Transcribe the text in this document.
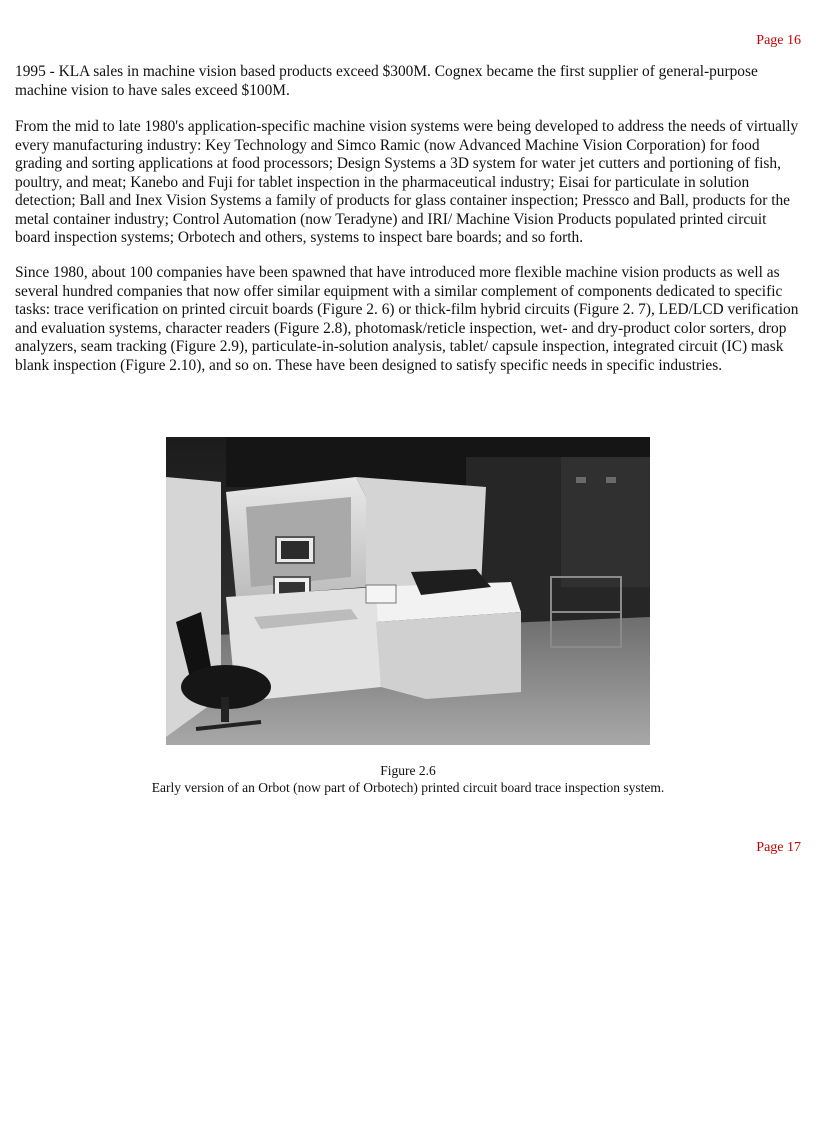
Page 16

1995 - KLA sales in machine vision based products exceed $300M. Cognex became the first supplier of general-purpose machine vision to have sales exceed $100M.

From the mid to late 1980's application-specific machine vision systems were being developed to address the needs of virtually every manufacturing industry: Key Technology and Simco Ramic (now Advanced Machine Vision Corporation) for food grading and sorting applications at food processors; Design Systems a 3D system for water jet cutters and portioning of fish, poultry, and meat; Kanebo and Fuji for tablet inspection in the pharmaceutical industry; Eisai for particulate in solution detection; Ball and Inex Vision Systems a family of products for glass container inspection; Pressco and Ball, products for the metal container industry; Control Automation (now Teradyne) and IRI/ Machine Vision Products populated printed circuit board inspection systems; Orbotech and others, systems to inspect bare boards; and so forth.

Since 1980, about 100 companies have been spawned that have introduced more flexible machine vision products as well as several hundred companies that now offer similar equipment with a similar complement of components dedicated to specific tasks: trace verification on printed circuit boards (Figure 2. 6) or thick-film hybrid circuits (Figure 2. 7), LED/LCD verification and evaluation systems, character readers (Figure 2.8), photomask/reticle inspection, wet- and dry-product color sorters, drop analyzers, seam tracking (Figure 2.9), particulate-in-solution analysis, tablet/ capsule inspection, integrated circuit (IC) mask blank inspection (Figure 2.10), and so on. These have been designed to satisfy specific needs in specific industries.

Figure 2.6

Early version of an Orbot (now part of Orbotech) printed circuit board trace inspection system.

Page 17
